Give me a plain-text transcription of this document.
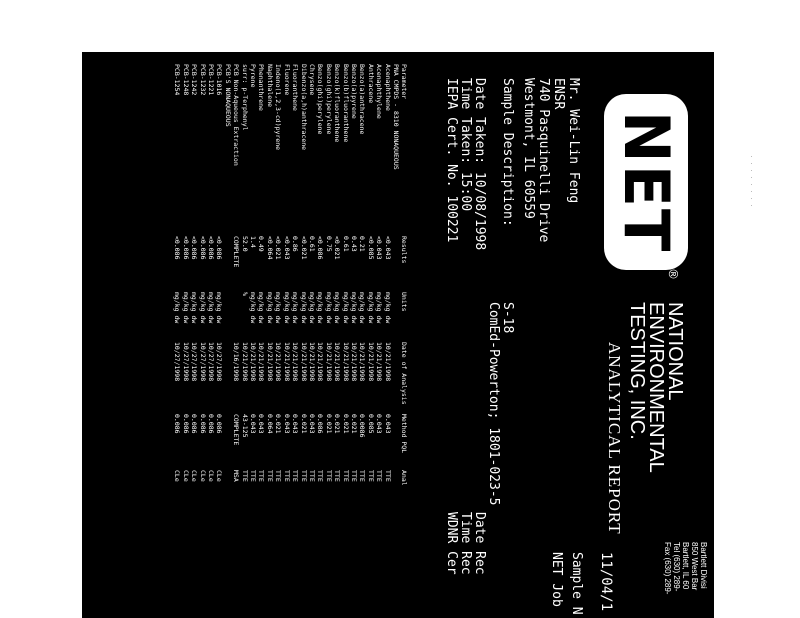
NET
®
NATIONAL
ENVIRONMENTAL
TESTING, INC.
Bartlett Divisi
850 West Bar
Bartlett, IL 60
Tel (630) 289-
Fax (630) 289-
ANALYTICAL REPORT
11/04/1
Mr. Wei-Lin Feng
ENSR
740 Pasquinelli Drive
Westmont, IL 60559
Sample N
NET Job
Sample Description:
Date Taken: 10/08/1998
Time Taken: 15:00
IEPA Cert. No. 100221
S-18
ComEd-Powerton; 1801-023-5
Date Rec
Time Rec
WDNR Cer
Parameter	Results	Units	Date of Analysis	Method PQL	Anal
PNA CMPDS - 8310 NONAQUEOUS					
Acenaphthene	<0.043	mg/kg dw	10/21/1998	0.043	TTE
Acenaphthylene	<0.043	mg/kg dw	10/21/1998	0.043	TTE
Anthracene	<0.085	mg/kg dw	10/21/1998	0.085	TTE
Benzo(a)anthracene	0.21	mg/kg dw	10/21/1998	0.0086	TTE
Benzo(a)pyrene	0.43	mg/kg dw	10/21/1998	0.021	TTE
Benzo(b)fluoranthene	0.61	mg/kg dw	10/21/1998	0.021	TTE
Benzo(k)fluoranthene	<0.021	mg/kg dw	10/21/1998	0.021	TTE
Benzo(ghi)perylene	0.75	mg/kg dw	10/21/1998	0.021	TTE
Benzo(ghi)perylene	<0.086	mg/kg dw	10/21/1998	0.086	TTE
Chrysene	0.61	mg/kg dw	10/21/1998	0.043	TTE
Dibenzo(a,h)anthracene	<0.021	mg/kg dw	10/21/1998	0.021	TTE
Fluoranthene	0.86	mg/kg dw	10/21/1998	0.043	TTE
Fluorene	<0.043	mg/kg dw	10/21/1998	0.043	TTE
Indeno(1,2,3-cd)pyrene	<0.021	mg/kg dw	10/21/1998	0.021	TTE
Naphthalene	<0.064	mg/kg dw	10/21/1998	0.064	TTE
Phenanthrene	0.49	mg/kg dw	10/21/1998	0.043	TTE
Pyrene	1.4	mg/kg dw	10/21/1998	0.043	TTE
surr: p-Terphenyl	52.0	%	10/21/1998	43-125	TTE
PCB Non-Aqueous Extraction	COMPLETE		10/16/1998	COMPLETE	MSA
PCB'S NONAQUEOUS					
PCB-1016	<0.086	mg/kg dw	10/27/1998	0.086	CLe
PCB-1221	<0.086	mg/kg dw	10/27/1998	0.086	CLe
PCB-1232	<0.086	mg/kg dw	10/27/1998	0.086	CLe
PCB-1242	<0.086	mg/kg dw	10/27/1998	0.086	CLe
PCB-1248	<0.086	mg/kg dw	10/27/1998	0.086	CLe
PCB-1254	<0.086	mg/kg dw	10/27/1998	0.086	CLe
